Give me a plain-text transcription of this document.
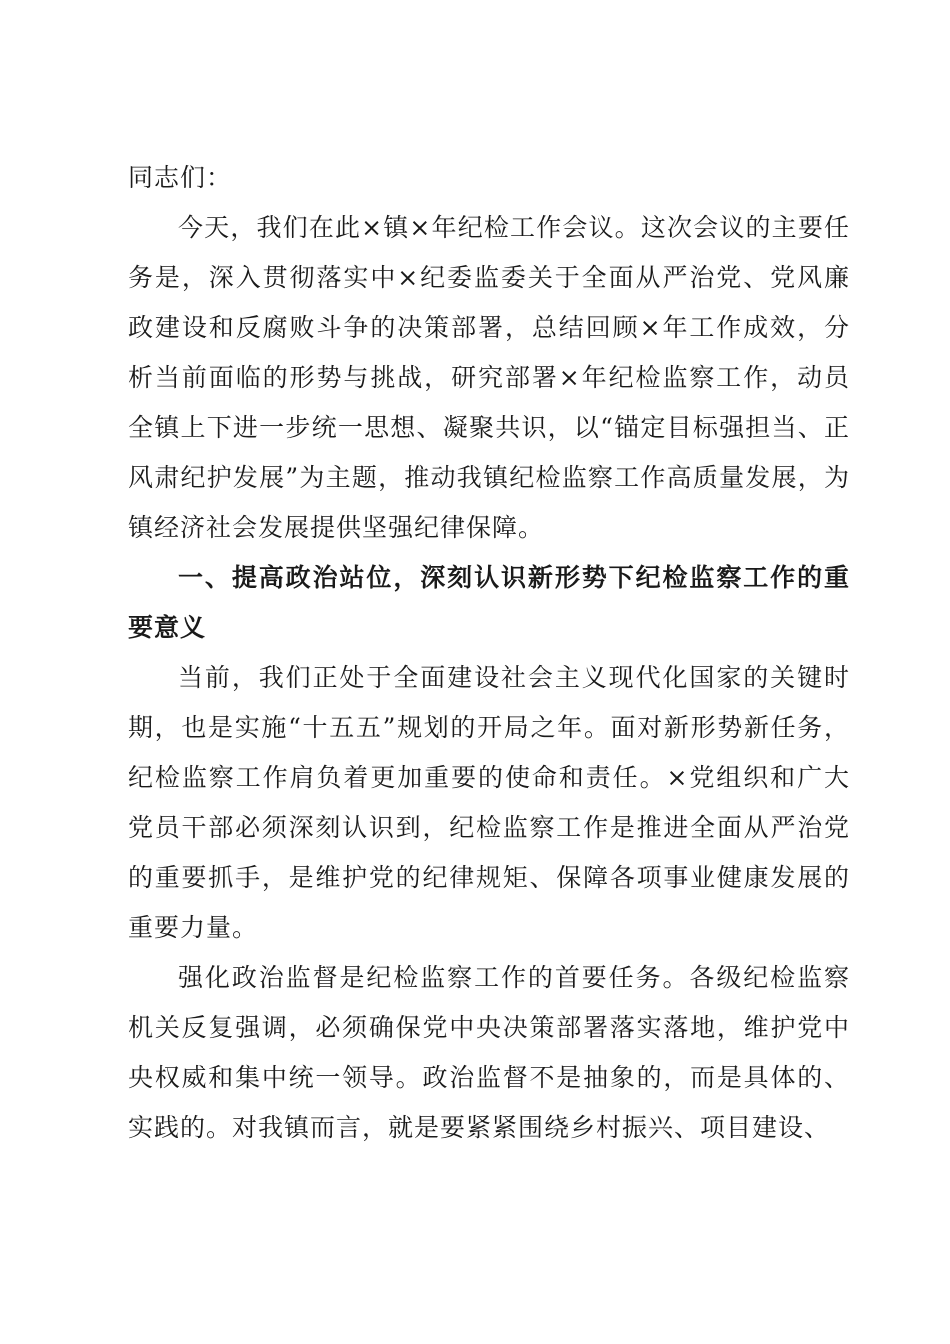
同志们：

今天，我们在此×镇×年纪检工作会议。这次会议的主要任务是，深入贯彻落实中×纪委监委关于全面从严治党、党风廉政建设和反腐败斗争的决策部署，总结回顾×年工作成效，分析当前面临的形势与挑战，研究部署×年纪检监察工作，动员全镇上下进一步统一思想、凝聚共识，以“锚定目标强担当、正风肃纪护发展”为主题，推动我镇纪检监察工作高质量发展，为镇经济社会发展提供坚强纪律保障。

一、提高政治站位，深刻认识新形势下纪检监察工作的重要意义

当前，我们正处于全面建设社会主义现代化国家的关键时期，也是实施“十五五”规划的开局之年。面对新形势新任务，纪检监察工作肩负着更加重要的使命和责任。×党组织和广大党员干部必须深刻认识到，纪检监察工作是推进全面从严治党的重要抓手，是维护党的纪律规矩、保障各项事业健康发展的重要力量。

强化政治监督是纪检监察工作的首要任务。各级纪检监察机关反复强调，必须确保党中央决策部署落实落地，维护党中央权威和集中统一领导。政治监督不是抽象的，而是具体的、实践的。对我镇而言，就是要紧紧围绕乡村振兴、项目建设、
